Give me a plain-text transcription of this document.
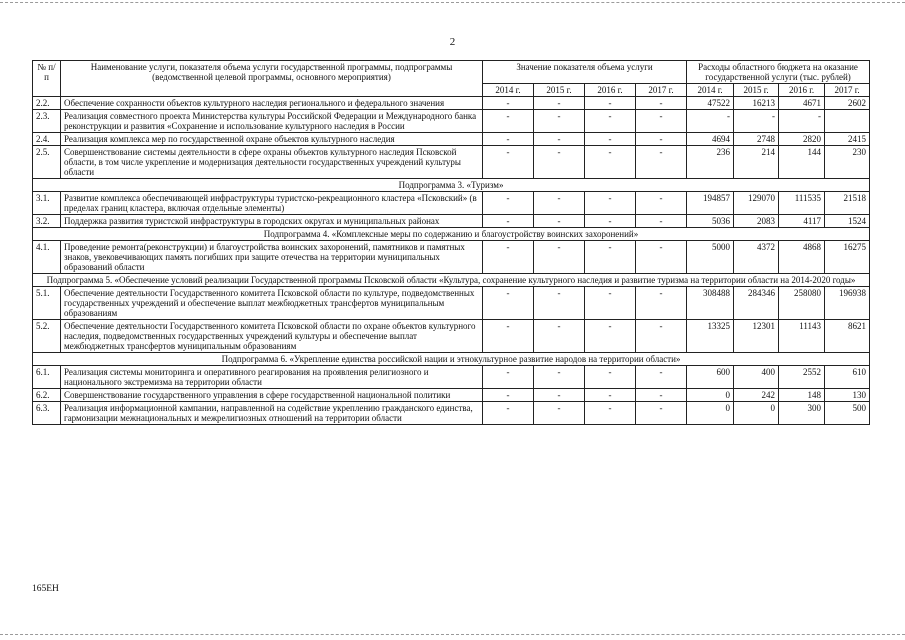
2
№ п/п	Наименование услуги, показателя объема услуги государственной программы, подпрограммы (ведомственной целевой программы, основного мероприятия)	Значение показателя объема услуги				Расходы областного бюджета на оказание государственной услуги (тыс. рублей)			
		2014 г.	2015 г.	2016 г.	2017 г.	2014 г.	2015 г.	2016 г.	2017 г.
2.2.	Обеспечение сохранности объектов культурного наследия регионального и федерального значения	-	-	-	-	47522	16213	4671	2602
2.3.	Реализация совместного проекта Министерства культуры Российской Федерации и Международного банка реконструкции и развития «Сохранение и использование культурного наследия в России	-	-	-	-	-	-	-	
2.4.	Реализация комплекса мер по государственной охране объектов культурного наследия	-	-	-	-	4694	2748	2820	2415
2.5.	Совершенствование системы деятельности в сфере охраны объектов культурного наследия Псковской области, в том числе укрепление и модернизация деятельности государственных учреждений культуры области	-	-	-	-	236	214	144	230
Подпрограмма 3. «Туризм»									
3.1.	Развитие комплекса обеспечивающей инфраструктуры туристско-рекреационного кластера «Псковский» (в пределах границ кластера, включая отдельные элементы)	-	-	-	-	194857	129070	111535	21518
3.2.	Поддержка развития туристской инфраструктуры в городских округах и муниципальных районах	-	-	-	-	5036	2083	4117	1524
Подпрограмма 4. «Комплексные меры по содержанию и благоустройству воинских захоронений»									
4.1.	Проведение ремонта(реконструкции) и благоустройства воинских захоронений, памятников и памятных знаков, увековечивающих память погибших при защите отечества на территории муниципальных образований области	-	-	-	-	5000	4372	4868	16275
Подпрограмма 5. «Обеспечение условий реализации Государственной программы Псковской области «Культура, сохранение культурного наследия и развитие туризма на территории области на 2014-2020 годы»									
5.1.	Обеспечение деятельности Государственного комитета Псковской области по культуре, подведомственных государственных учреждений и обеспечение выплат межбюджетных трансфертов муниципальным образованиям	-	-	-	-	308488	284346	258080	196938
5.2.	Обеспечение деятельности Государственного комитета Псковской области по охране объектов культурного наследия, подведомственных государственных учреждений культуры и обеспечение выплат межбюджетных трансфертов муниципальным образованиям	-	-	-	-	13325	12301	11143	8621
Подпрограмма 6. «Укрепление единства российской нации и этнокультурное развитие народов на территории области»									
6.1.	Реализация системы мониторинга и оперативного реагирования на проявления религиозного и национального экстремизма на территории области	-	-	-	-	600	400	2552	610
6.2.	Совершенствование государственного управления в сфере государственной национальной политики	-	-	-	-	0	242	148	130
6.3.	Реализация информационной кампании, направленной на содействие укреплению гражданского единства, гармонизации межнациональных и межрелигиозных отношений на территории области	-	-	-	-	0	0	300	500
165ЕН
